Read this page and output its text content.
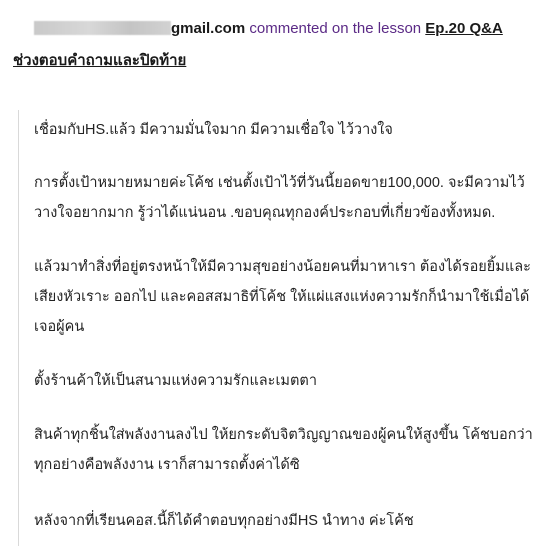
gmail.com commented on the lesson Ep.20 Q&A
ช่วงตอบคำถามและปิดท้าย
เชื่อมกับHS.แล้ว มีความมั่นใจมาก มีความเชื่อใจ ไว้วางใจ
การตั้งเป้าหมายหมายค่ะโค้ช เช่นตั้งเป้าไว้ที่วันนี้ยอดขาย100,000. จะมีความไว้วางใจอยากมาก รู้ว่าได้แน่นอน .ขอบคุณทุกองค์ประกอบที่เกี่ยวข้องทั้งหมด.
แล้วมาทำสิ่งที่อยู่ตรงหน้าให้มีความสุขอย่างน้อยคนที่มาหาเรา ต้องได้รอยยิ้มและเสียงหัวเราะ ออกไป และคอสสมาธิที่โค้ช ให้แผ่แสงแห่งความรักก็นำมาใช้เมื่อได้เจอผู้คน
ตั้งร้านค้าให้เป็นสนามแห่งความรักและเมตตา
สินค้าทุกชิ้นใส่พลังงานลงไป ให้ยกระดับจิตวิญญาณของผู้คนให้สูงขึ้น โค้ชบอกว่าทุกอย่างคือพลังงาน เราก็สามารถตั้งค่าได้ซิ
หลังจากที่เรียนคอส.นี้ก็ได้คำตอบทุกอย่างมีHS นำทาง ค่ะโค้ช
